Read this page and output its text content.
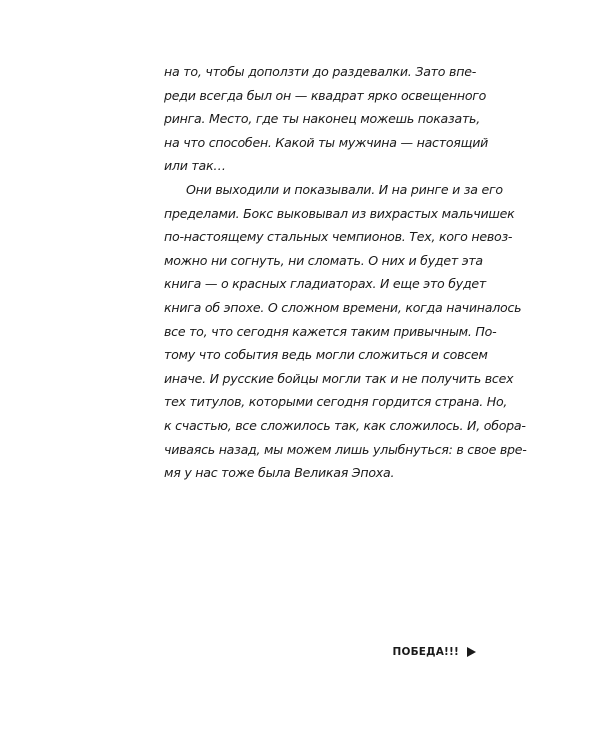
на то, чтобы доползти до раздевалки. Зато впе-
реди всегда был он — квадрат ярко освещенного
ринга. Место, где ты наконец можешь показать,
на что способен. Какой ты мужчина — настоящий
или так…
Они выходили и показывали. И на ринге и за его
пределами. Бокс выковывал из вихрастых мальчишек
по-настоящему стальных чемпионов. Тех, кого невоз-
можно ни согнуть, ни сломать. О них и будет эта
книга — о красных гладиаторах. И еще это будет
книга об эпохе. О сложном времени, когда начиналось
все то, что сегодня кажется таким привычным. По-
тому что события ведь могли сложиться и совсем
иначе. И русские бойцы могли так и не получить всех
тех титулов, которыми сегодня гордится страна. Но,
к счастью, все сложилось так, как сложилось. И, обора-
чиваясь назад, мы можем лишь улыбнуться: в свое вре-
мя у нас тоже была Великая Эпоха.
ПОБЕДА!!!
